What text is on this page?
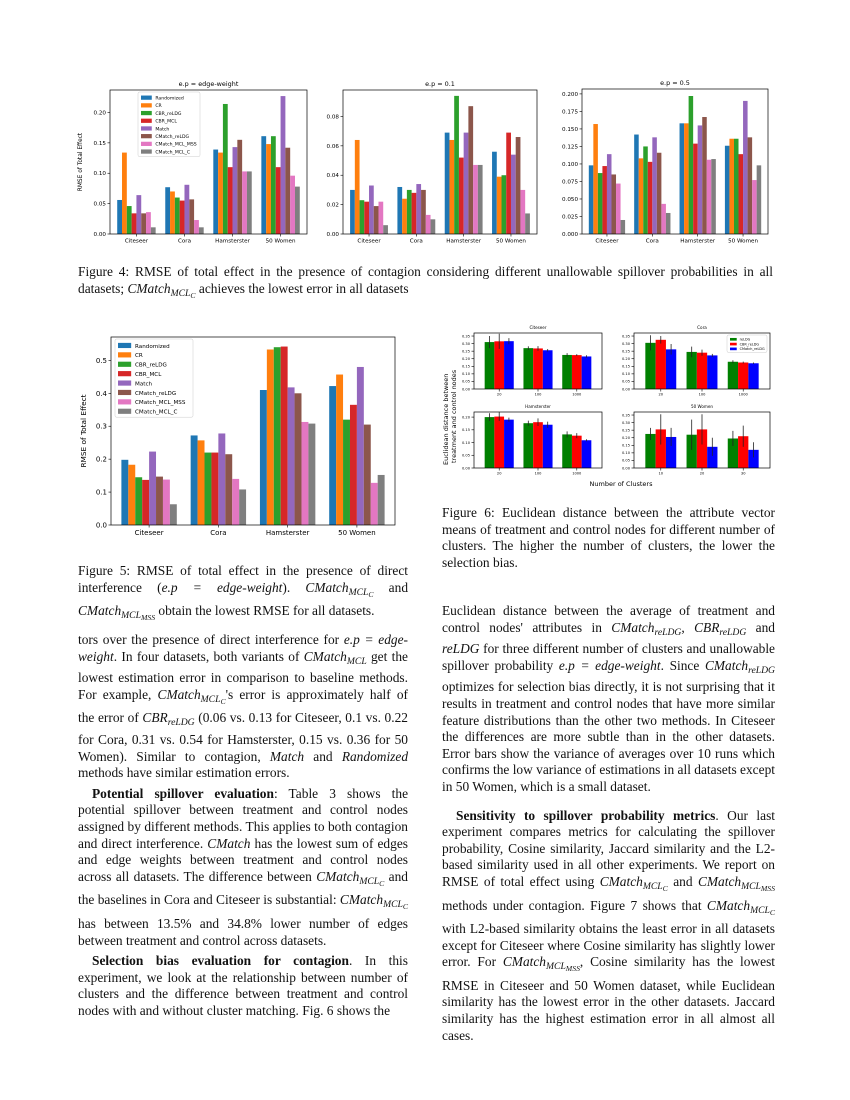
0.00
0.05
0.10
0.15
0.20
Citeseer	Cora	Hamsterster	50 Women
e.p = edge-weight
RMSE of Total Effect
Randomized
CR
CBR_reLDG
CBR_MCL
Match
CMatch_reLDG
CMatch_MCL_MSS
CMatch_MCL_C
0.00
0.02
0.04
0.06
0.08
Citeseer	Cora	Hamsterster	50 Women
e.p = 0.1
0.000
0.025
0.050
0.075
0.100
0.125
0.150
0.175
0.200
Citeseer	Cora	Hamsterster 50 Women
e.p = 0.5
Figure 4: RMSE of total effect in the presence of contagion considering different unallowable spillover probabilities in all datasets; CMatch$_{MCL_C}$ achieves the lowest error in all datasets
0.0
0.1
0.2
0.3
0.4
0.5
Citeseer	Cora	Hamsterster	50 Women
RMSE of Total Effect
Randomized
CR
CBR_reLDG
CBR_MCL
Match
CMatch_reLDG
CMatch_MCL_MSS
CMatch_MCL_C
Figure 5: RMSE of total effect in the presence of direct interference (e.p = edge-weight). CMatch$_{MCL_C}$ and CMatch$_{MCL_{MSS}}$ obtain the lowest RMSE for all datasets.
Euclidean distance between treatment and control nodes
Number of Clusters
0.00
0.05
0.10
0.15
0.20
0.25
0.30
0.35
20	100	1000
Citeseer
0.00
0.05
0.10
0.15
0.20
0.25
0.30
0.35
20	100	1000
Cora
reLDG
CBR_reLDG
CMatch_reLDG
0.00
0.05
0.10
0.15
0.20
20	100	1000
Hamsterster
0.00
0.05
0.10
0.15
0.20
0.25
0.30
0.35
10	20	30
50 Women
Figure 6: Euclidean distance between the attribute vector means of treatment and control nodes for different number of clusters. The higher the number of clusters, the lower the selection bias.

tors over the presence of direct interference for e.p = edge-weight. In four datasets, both variants of CMatch$_{MCL}$ get the lowest estimation error in comparison to baseline methods. For example, CMatch$_{MCL_C}$'s error is approximately half of the error of $CBR_{reLDG}$ (0.06 vs. 0.13 for Citeseer, 0.1 vs. 0.22 for Cora, 0.31 vs. 0.54 for Hamsterster, 0.15 vs. 0.36 for 50 Women). Similar to contagion, Match and Randomized methods have similar estimation errors.

Potential spillover evaluation: Table 3 shows the potential spillover between treatment and control nodes assigned by different methods. This applies to both contagion and direct interference. CMatch has the lowest sum of edges and edge weights between treatment and control nodes across all datasets. The difference between CMatch$_{MCL_C}$ and the baselines in Cora and Citeseer is substantial: CMatch$_{MCL_C}$ has between 13.5% and 34.8% lower number of edges between treatment and control across datasets.

Selection bias evaluation for contagion. In this experiment, we look at the relationship between number of clusters and the difference between treatment and control nodes with and without cluster matching. Fig. 6 shows the

Euclidean distance between the average of treatment and control nodes' attributes in CMatch$_{reLDG}$, $CBR_{reLDG}$ and reLDG for three different number of clusters and unallowable spillover probability e.p = edge-weight. Since CMatch$_{reLDG}$ optimizes for selection bias directly, it is not surprising that it results in treatment and control nodes that have more similar feature distributions than the other two methods. In Citeseer the differences are more subtle than in the other datasets. Error bars show the variance of averages over 10 runs which confirms the low variance of estimations in all datasets except in 50 Women, which is a small dataset.

Sensitivity to spillover probability metrics. Our last experiment compares metrics for calculating the spillover probability, Cosine similarity, Jaccard similarity and the L2-based similarity used in all other experiments. We report on RMSE of total effect using CMatch$_{MCL_C}$ and CMatch$_{MCL_{MSS}}$ methods under contagion. Figure 7 shows that CMatch$_{MCL_C}$ with L2-based similarity obtains the least error in all datasets except for Citeseer where Cosine similarity has slightly lower error. For CMatch$_{MCL_{MSS}}$, Cosine similarity has the lowest RMSE in Citeseer and 50 Women dataset, while Euclidean similarity has the lowest error in the other datasets. Jaccard similarity has the highest estimation error in all almost all cases.
